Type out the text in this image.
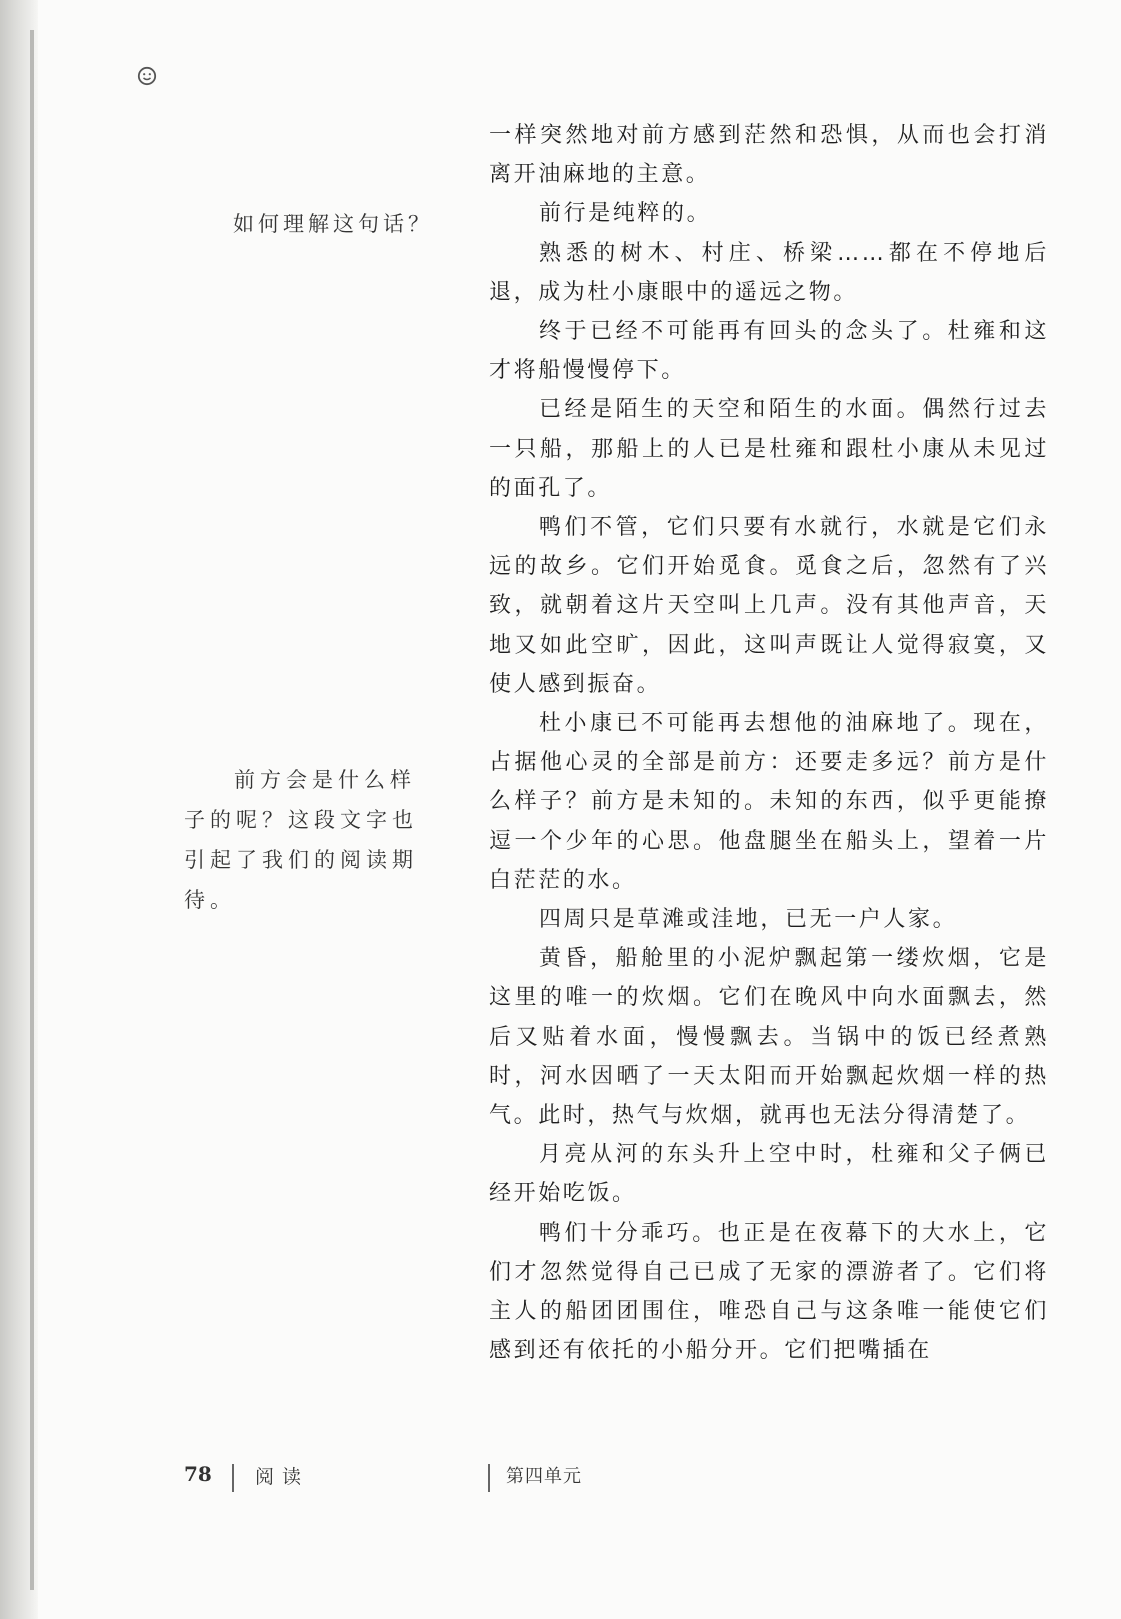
如何理解这句话？
前方会是什么样子的呢？这段文字也引起了我们的阅读期待。

一样突然地对前方感到茫然和恐惧，从而也会打消离开油麻地的主意。

前行是纯粹的。

熟悉的树木、村庄、桥梁……都在不停地后退，成为杜小康眼中的遥远之物。

终于已经不可能再有回头的念头了。杜雍和这才将船慢慢停下。

已经是陌生的天空和陌生的水面。偶然行过去一只船，那船上的人已是杜雍和跟杜小康从未见过的面孔了。

鸭们不管，它们只要有水就行，水就是它们永远的故乡。它们开始觅食。觅食之后，忽然有了兴致，就朝着这片天空叫上几声。没有其他声音，天地又如此空旷，因此，这叫声既让人觉得寂寞，又使人感到振奋。

杜小康已不可能再去想他的油麻地了。现在，占据他心灵的全部是前方：还要走多远？前方是什么样子？前方是未知的。未知的东西，似乎更能撩逗一个少年的心思。他盘腿坐在船头上，望着一片白茫茫的水。

四周只是草滩或洼地，已无一户人家。

黄昏，船舱里的小泥炉飘起第一缕炊烟，它是这里的唯一的炊烟。它们在晚风中向水面飘去，然后又贴着水面，慢慢飘去。当锅中的饭已经煮熟时，河水因晒了一天太阳而开始飘起炊烟一样的热气。此时，热气与炊烟，就再也无法分得清楚了。

月亮从河的东头升上空中时，杜雍和父子俩已经开始吃饭。

鸭们十分乖巧。也正是在夜幕下的大水上，它们才忽然觉得自己已成了无家的漂游者了。它们将主人的船团团围住，唯恐自己与这条唯一能使它们感到还有依托的小船分开。它们把嘴插在

78 阅读	第四单元
